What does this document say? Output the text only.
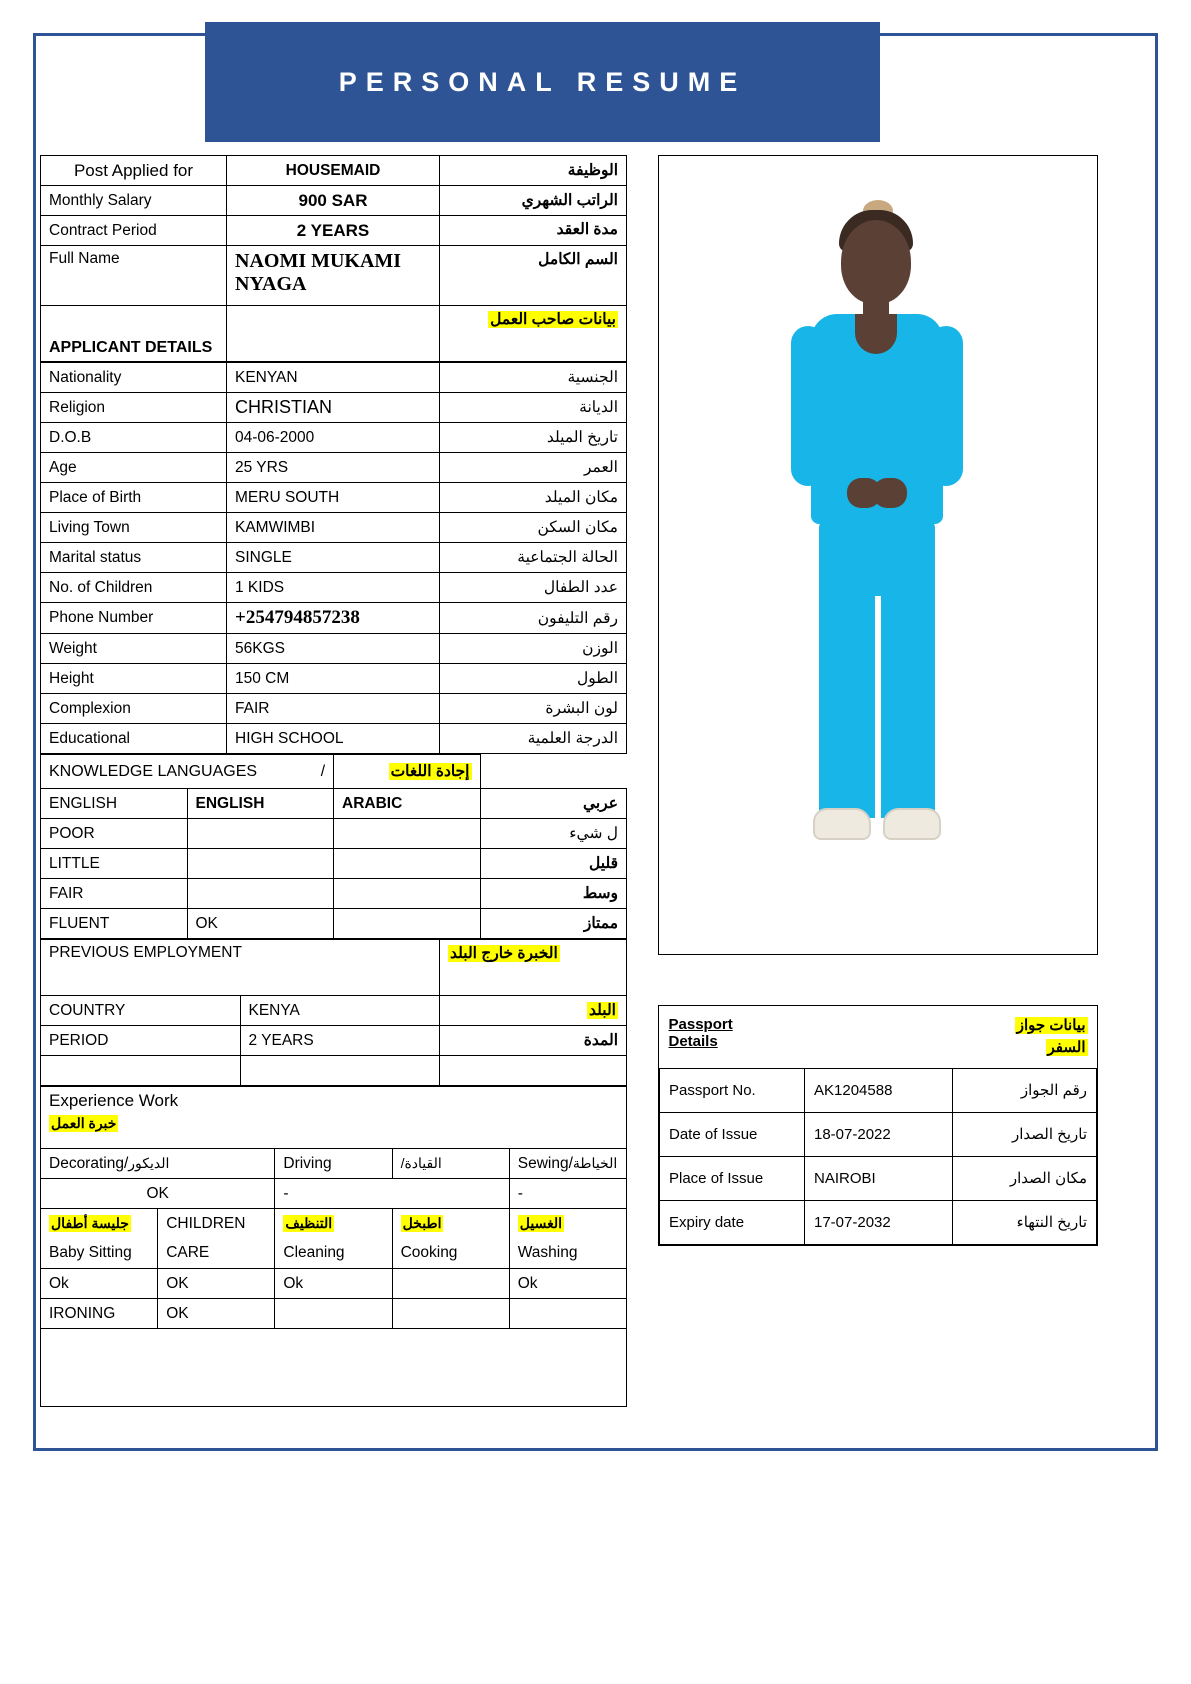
PERSONAL RESUME
Post Applied for	HOUSEMAID	الوظيفة
Monthly Salary	900 SAR	الراتب الشهري
Contract Period	2 YEARS	مدة العقد
Full Name	NAOMI MUKAMI NYAGA	السم الكامل
APPLICANT DETAILS		بيانات صاحب العمل
Nationality	KENYAN	الجنسية
Religion	CHRISTIAN	الديانة
D.O.B	04-06-2000	تاريخ الميلد
Age	25 YRS	العمر
Place of Birth	MERU SOUTH	مكان الميلد
Living Town	KAMWIMBI	مكان السكن
Marital status	SINGLE	الحالة الجتماعية
No. of Children	1 KIDS	عدد الطفال
Phone Number	+254794857238	رقم التليفون
Weight	56KGS	الوزن
Height	150 CM	الطول
Complexion	FAIR	لون البشرة
Educational	HIGH SCHOOL	الدرجة العلمية
KNOWLEDGE LANGUAGES /		إجادة اللغات	
ENGLISH	ENGLISH	ARABIC	عربي
POOR			ل شيء
LITTLE			قليل
FAIR			وسط
FLUENT	OK		ممتاز
PREVIOUS EMPLOYMENT		الخبرة خارج البلد
COUNTRY	KENYA	البلد
PERIOD	2 YEARS	المدة

Experience Work
خبرة العمل				

Decorating/الديكور		Driving	/القيادة	Sewing/الخياطة
OK		-		-
جليسة أطفال	CHILDREN	التنظيف	اطبخل	الغسيل
Baby Sitting	CARE	Cleaning	Cooking	Washing
Ok	OK	Ok		Ok
IRONING	OK			

Passport
Details

بيانات جواز
السفر

Passport No.	AK1204588	رقم الجواز
Date of Issue	18-07-2022	تاريخ الصدار
Place of Issue	NAIROBI	مكان الصدار
Expiry date	17-07-2032	تاريخ النتهاء
